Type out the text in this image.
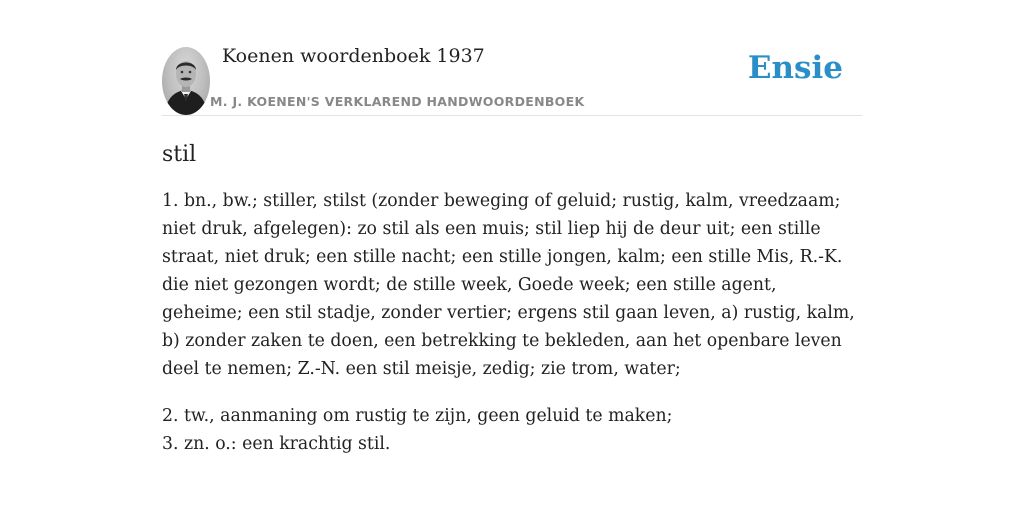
Koenen woordenboek 1937
M. J. KOENEN'S VERKLAREND HANDWOORDENBOEK
Ensie
stil

1. bn., bw.; stiller, stilst (zonder beweging of geluid; rustig, kalm, vreedzaam; niet druk, afgelegen): zo stil als een muis; stil liep hij de deur uit; een stille straat, niet druk; een stille nacht; een stille jongen, kalm; een stille Mis, R.-K. die niet gezongen wordt; de stille week, Goede week; een stille agent, geheime; een stil stadje, zonder vertier; ergens stil gaan leven, a) rustig, kalm, b) zonder zaken te doen, een betrekking te bekleden, aan het openbare leven deel te nemen; Z.-N. een stil meisje, zedig; zie trom, water;

2. tw., aanmaning om rustig te zijn, geen geluid te maken;

3. zn. o.: een krachtig stil.
